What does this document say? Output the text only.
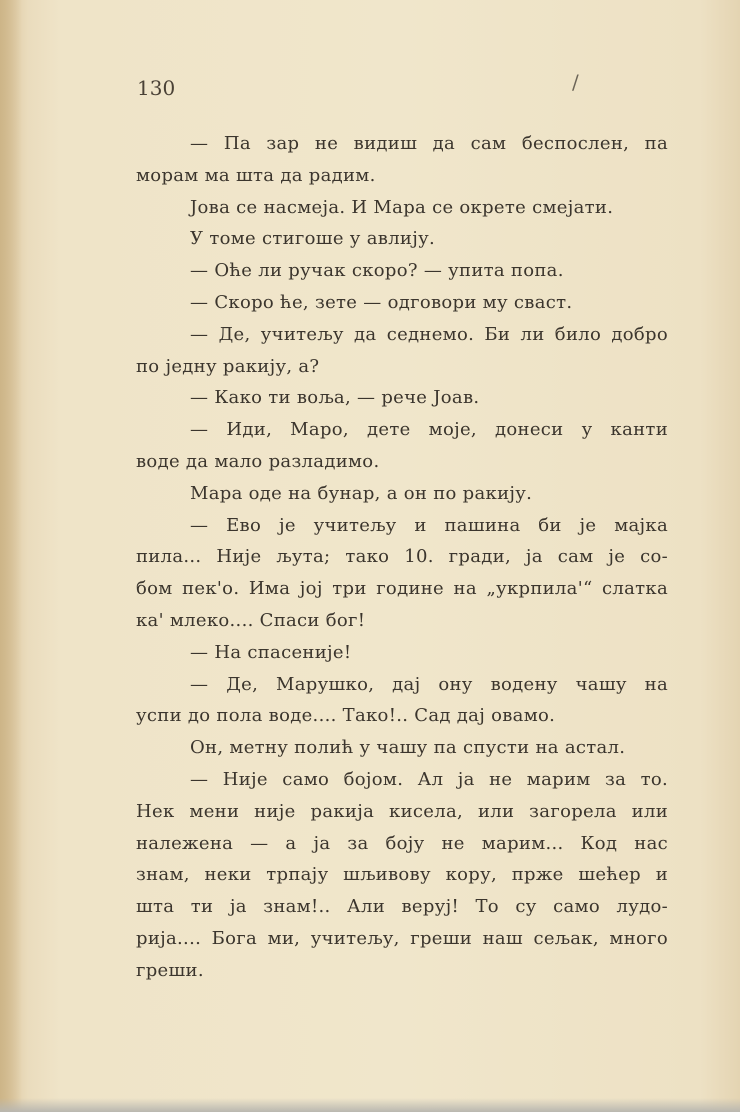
130	/
— Па зар не видиш да сам беспослен, па
морам ма шта да радим.
Јова се насмеја. И Мара се окрете смејати.
У томе стигоше у авлију.
— Оће ли ручак скоро? — упита попа.
— Скоро ће, зете — одговори му сваст.
— Де, учитељу да седнемо. Би ли било добро
по једну ракију, а?
— Како ти воља, — рече Јоав.
— Иди, Маро, дете моје, донеси у канти
воде да мало разладимо.
Мара оде на бунар, а он по ракију.
— Ево је учитељу и пашина би је мајка
пила... Није љута; тако 10. гради, ја сам је со-
бом пек'о. Има јој три године на „укрпила'“ слатка
ка' млеко.... Спаси бог!
— На спасеније!
— Де, Марушко, дај ону водену чашу на
успи до пола воде.... Тако!.. Сад дај овамо.
Он, метну полић у чашу па спусти на астал.
— Није само бојом. Ал ја не марим за то.
Нек мени није ракија кисела, или загорела или
належена — а ја за боју не марим... Код нас
знам, неки трпају шљивову кору, прже шећер и
шта ти ја знам!.. Али веруј! То су само лудо-
рија.... Бога ми, учитељу, греши наш сељак, много
греши.
